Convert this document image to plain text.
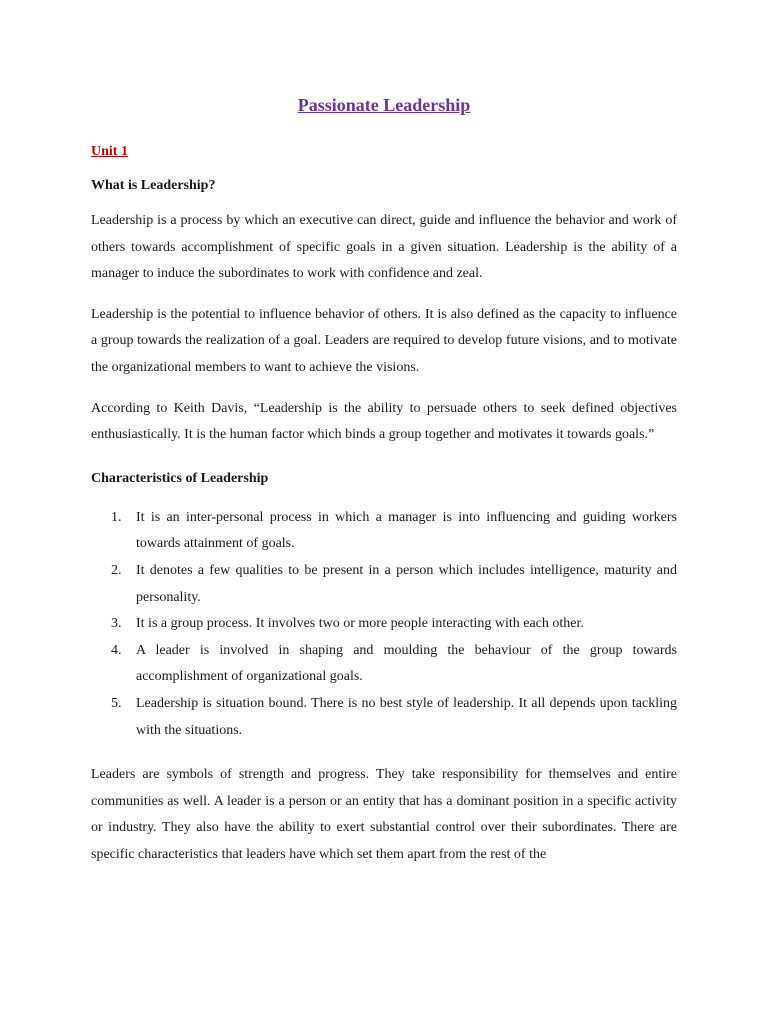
Passionate Leadership
Unit 1
What is Leadership?

Leadership is a process by which an executive can direct, guide and influence the behavior and work of others towards accomplishment of specific goals in a given situation. Leadership is the ability of a manager to induce the subordinates to work with confidence and zeal.

Leadership is the potential to influence behavior of others. It is also defined as the capacity to influence a group towards the realization of a goal. Leaders are required to develop future visions, and to motivate the organizational members to want to achieve the visions.

According to Keith Davis, “Leadership is the ability to persuade others to seek defined objectives enthusiastically. It is the human factor which binds a group together and motivates it towards goals.”

Characteristics of Leadership
1. It is an inter-personal process in which a manager is into influencing and guiding workers towards attainment of goals.
2. It denotes a few qualities to be present in a person which includes intelligence, maturity and personality.
3. It is a group process. It involves two or more people interacting with each other.
4. A leader is involved in shaping and moulding the behaviour of the group towards accomplishment of organizational goals.
5. Leadership is situation bound. There is no best style of leadership. It all depends upon tackling with the situations.

Leaders are symbols of strength and progress. They take responsibility for themselves and entire communities as well. A leader is a person or an entity that has a dominant position in a specific activity or industry. They also have the ability to exert substantial control over their subordinates. There are specific characteristics that leaders have which set them apart from the rest of the
